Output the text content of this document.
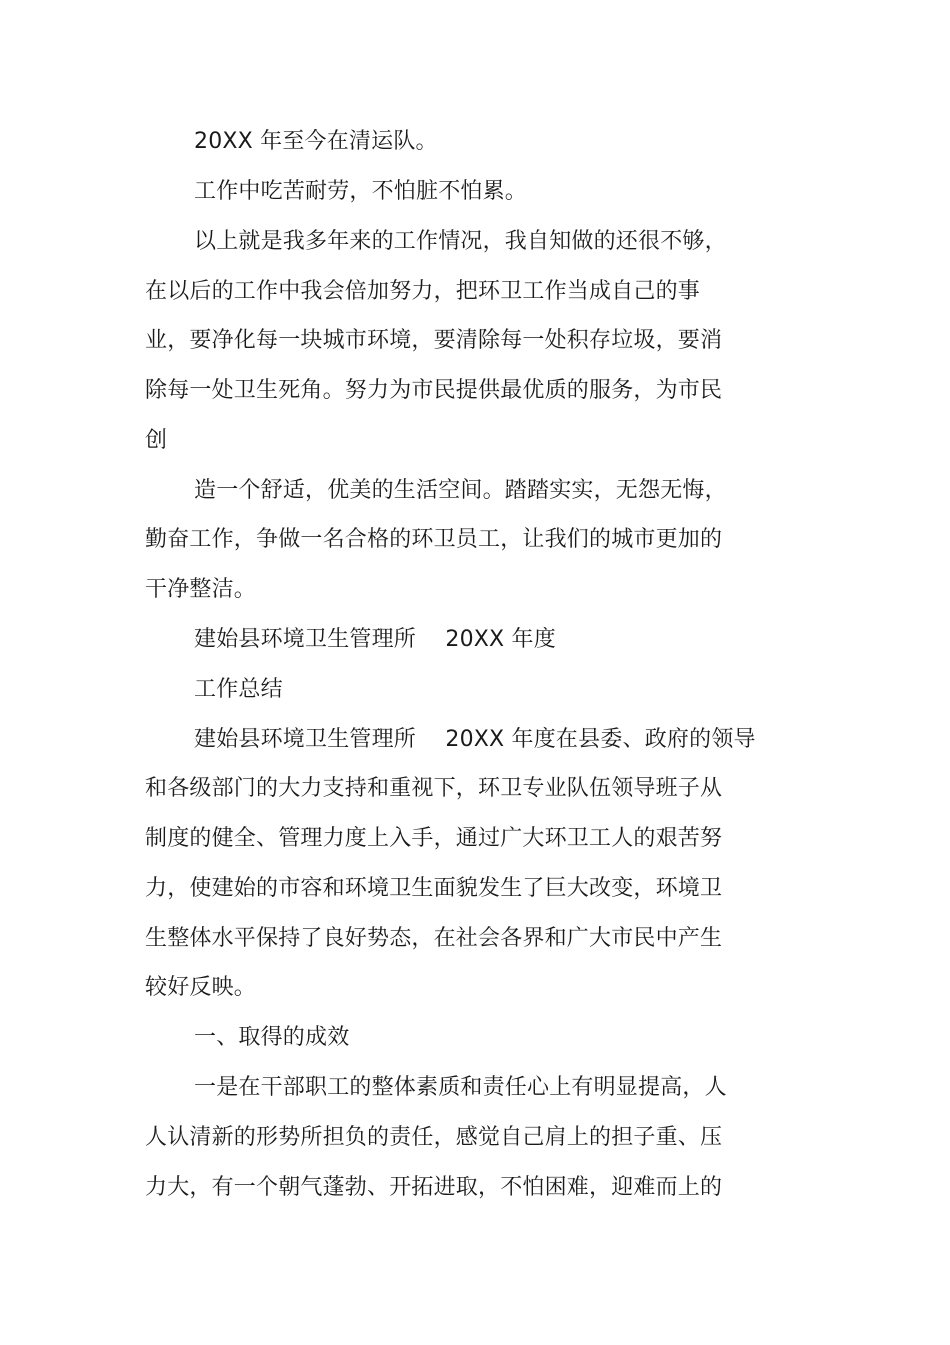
20XX 年至今在清运队。
工作中吃苦耐劳，不怕脏不怕累。
以上就是我多年来的工作情况，我自知做的还很不够，
在以后的工作中我会倍加努力，把环卫工作当成自己的事
业，要净化每一块城市环境，要清除每一处积存垃圾，要消
除每一处卫生死角。努力为市民提供最优质的服务，为市民
创
造一个舒适，优美的生活空间。踏踏实实，无怨无悔，
勤奋工作，争做一名合格的环卫员工，让我们的城市更加的
干净整洁。
建始县环境卫生管理所　 20XX 年度
工作总结
建始县环境卫生管理所　 20XX 年度在县委、政府的领导
和各级部门的大力支持和重视下，环卫专业队伍领导班子从
制度的健全、管理力度上入手，通过广大环卫工人的艰苦努
力，使建始的市容和环境卫生面貌发生了巨大改变，环境卫
生整体水平保持了良好势态，在社会各界和广大市民中产生
较好反映。
一、取得的成效
一是在干部职工的整体素质和责任心上有明显提高，人
人认清新的形势所担负的责任，感觉自己肩上的担子重、压
力大，有一个朝气蓬勃、开拓进取，不怕困难，迎难而上的
